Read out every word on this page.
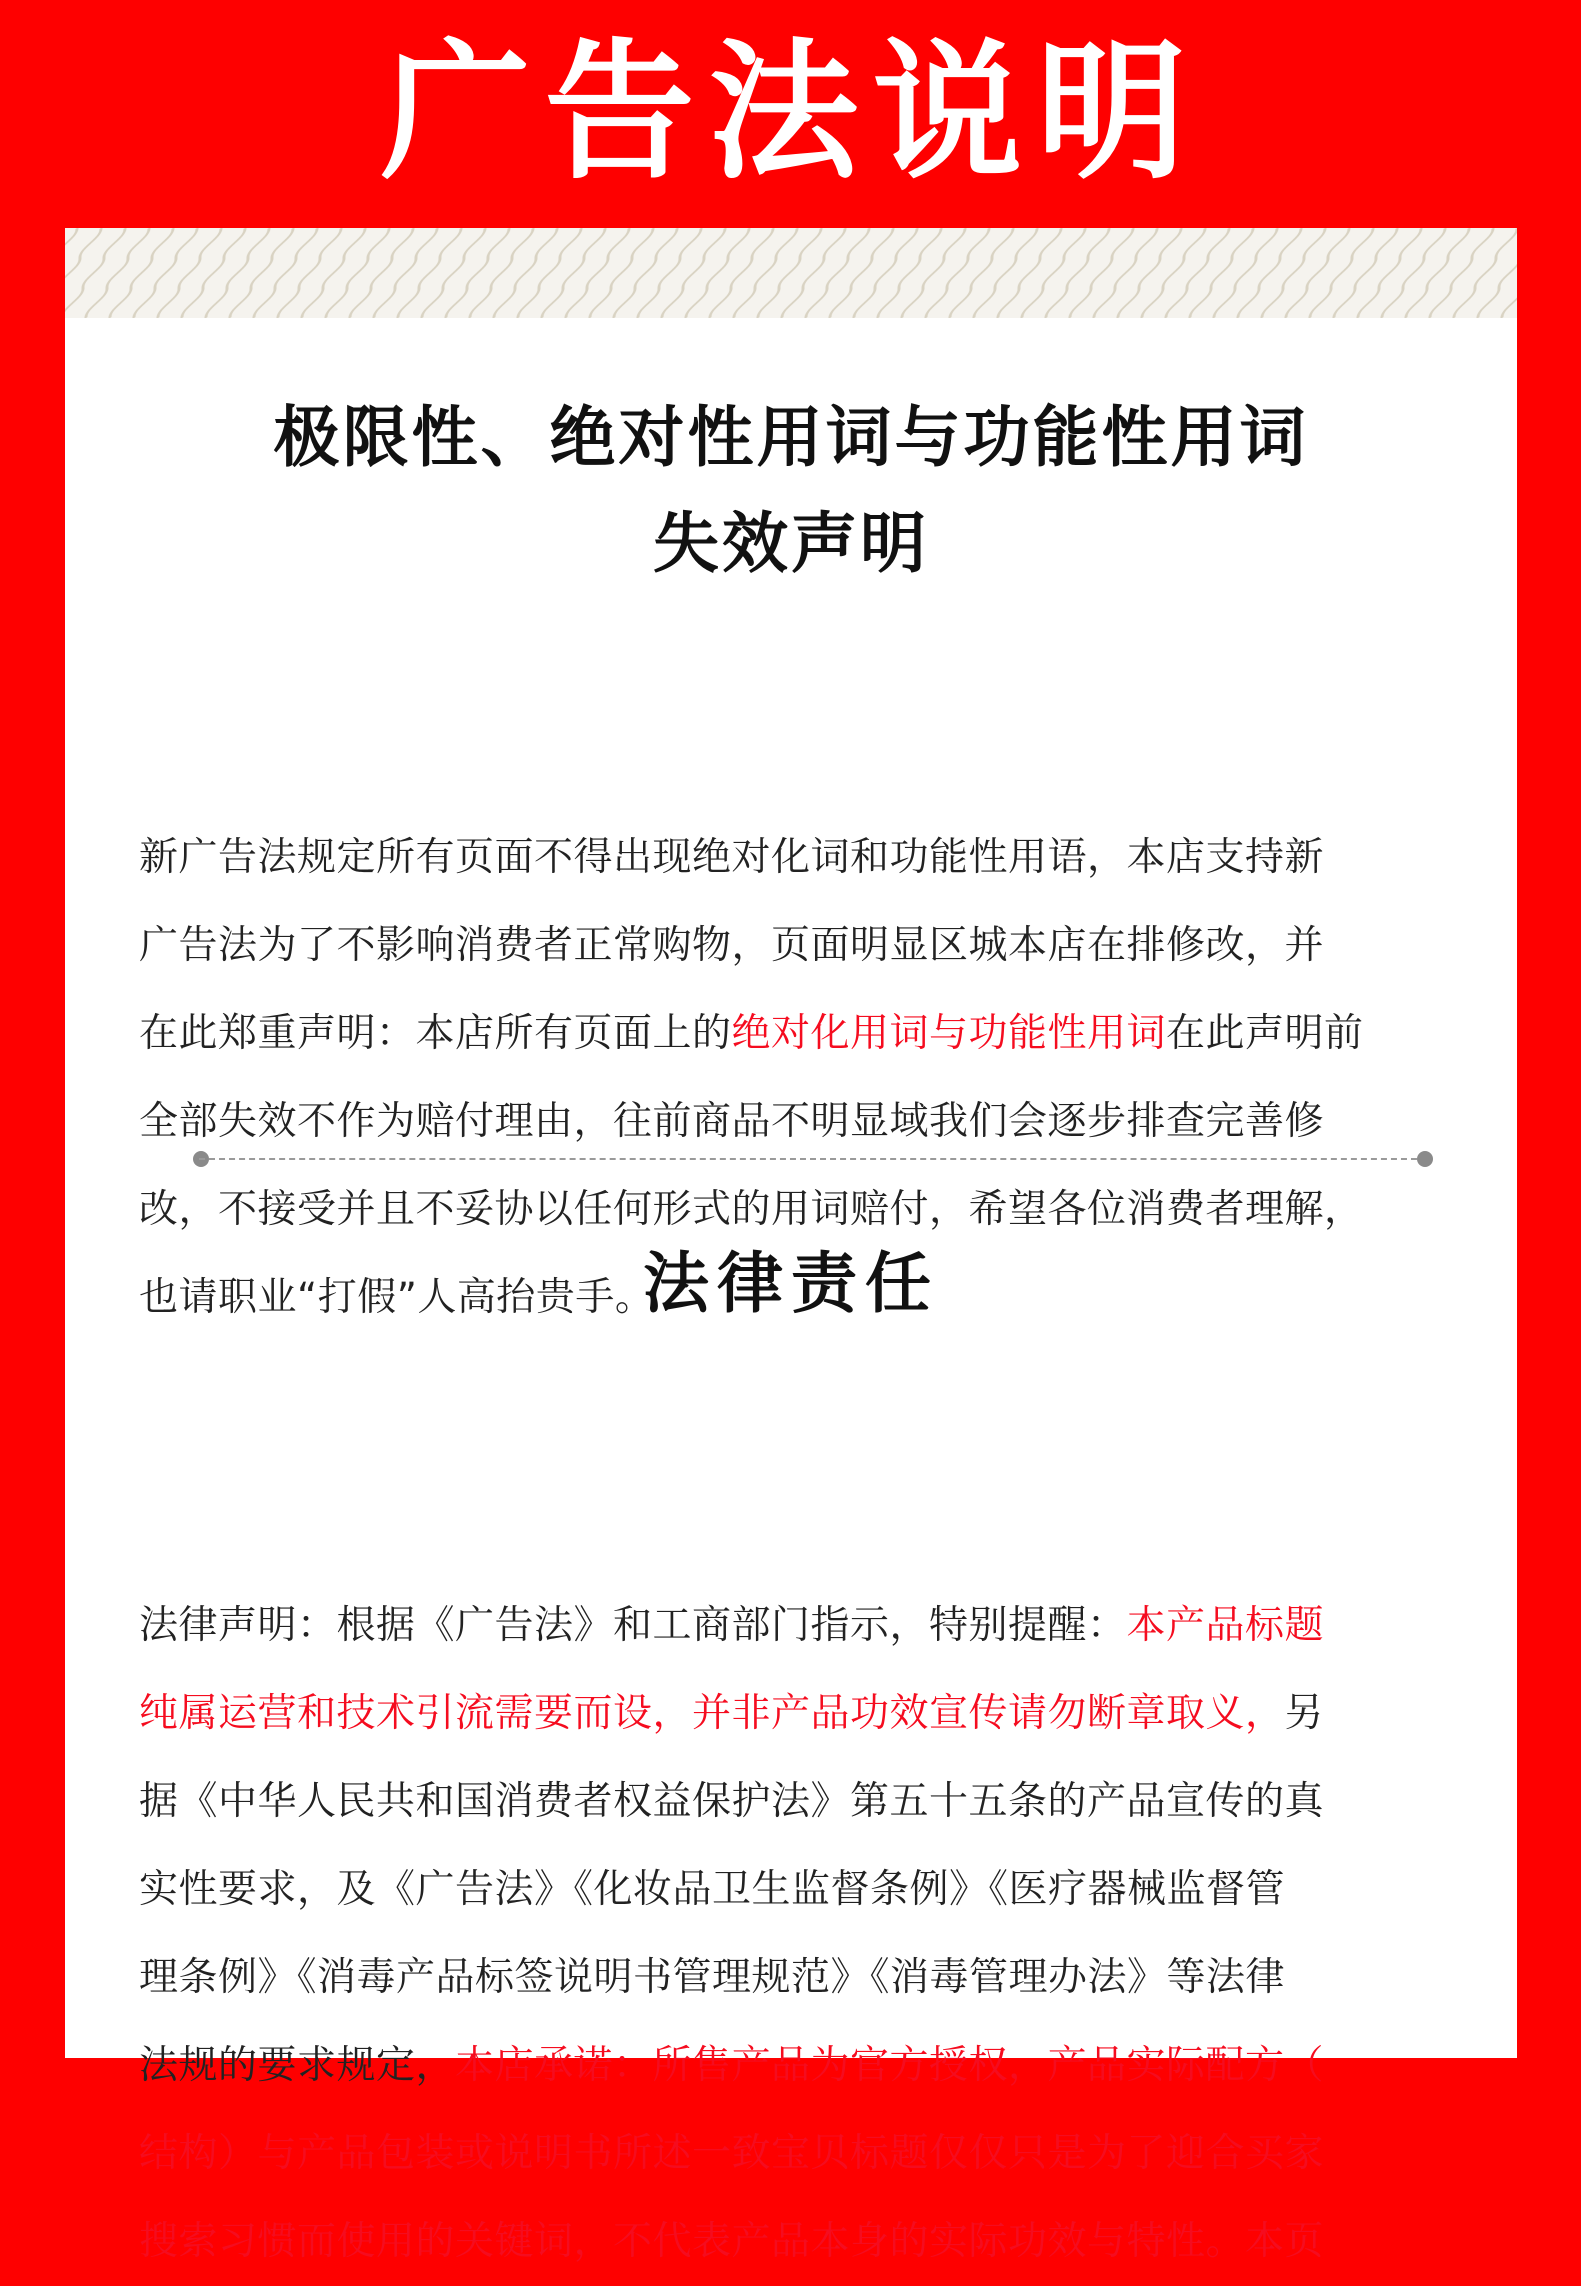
广告法说明
极限性、绝对性用词与功能性用词
失效声明
新广告法规定所有页面不得出现绝对化词和功能性用语，本店支持新
广告法为了不影响消费者正常购物，页面明显区城本店在排修改，并
在此郑重声明：本店所有页面上的绝对化用词与功能性用词在此声明前
全部失效不作为赔付理由，往前商品不明显域我们会逐步排查完善修
改，不接受并且不妥协以任何形式的用词赔付，希望各位消费者理解，
也请职业“打假”人高抬贵手。
法律责任
法律声明：根据《广告法》和工商部门指示，特别提醒：本产品标题
纯属运营和技术引流需要而设，并非产品功效宣传请勿断章取义，另
据《中华人民共和国消费者权益保护法》第五十五条的产品宣传的真
实性要求，及《广告法》《化妆品卫生监督条例》《医疗器械监督管
理条例》《消毒产品标签说明书管理规范》《消毒管理办法》等法律
法规的要求规定，本店承诺：所售产品为官方授权，产品实际配方（
结构）与产品包装或说明书所述一致宝贝标题仅仅只是为了迎合买家
搜索习惯而使用的关键词，不代表产品本身的实际功效与特性。本页
